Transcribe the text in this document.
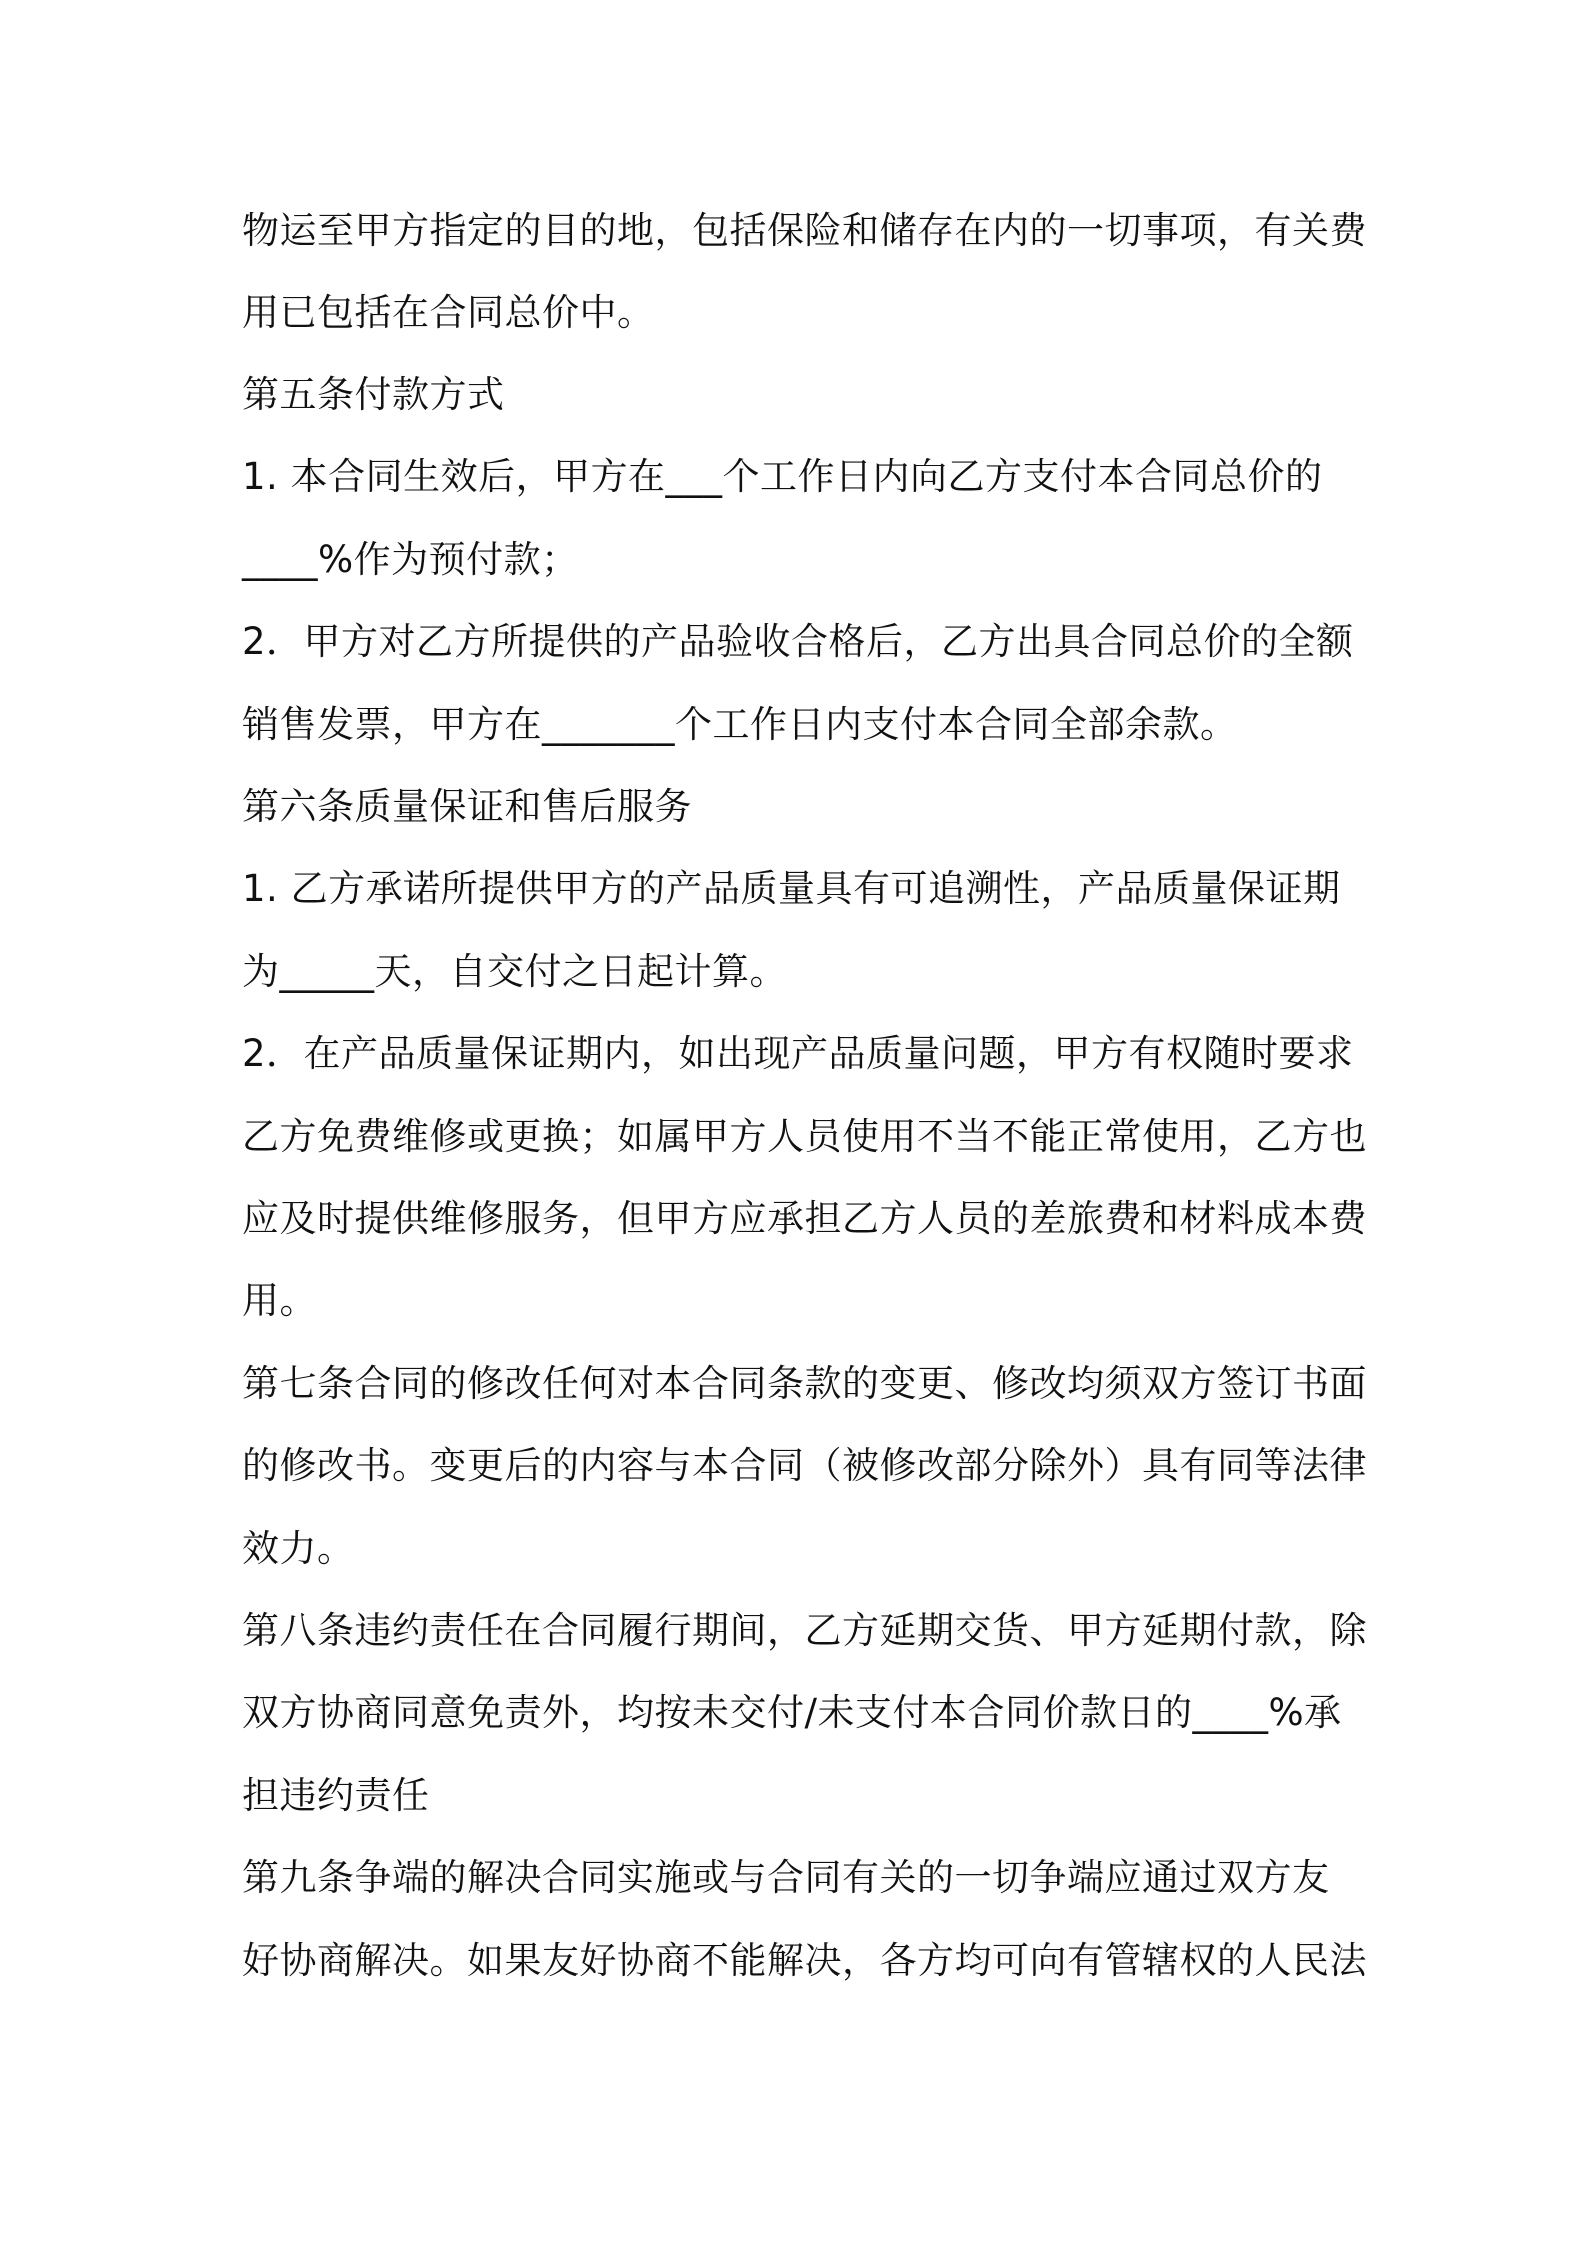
物运至甲方指定的目的地，包括保险和储存在内的一切事项，有关费
用已包括在合同总价中。
第五条付款方式
1. 本合同生效后，甲方在___个工作日内向乙方支付本合同总价的
____%作为预付款；
2．甲方对乙方所提供的产品验收合格后，乙方出具合同总价的全额
销售发票，甲方在_______个工作日内支付本合同全部余款。
第六条质量保证和售后服务
1. 乙方承诺所提供甲方的产品质量具有可追溯性，产品质量保证期
为_____天，自交付之日起计算。
2．在产品质量保证期内，如出现产品质量问题，甲方有权随时要求
乙方免费维修或更换；如属甲方人员使用不当不能正常使用，乙方也
应及时提供维修服务，但甲方应承担乙方人员的差旅费和材料成本费
用。
第七条合同的修改任何对本合同条款的变更、修改均须双方签订书面
的修改书。变更后的内容与本合同（被修改部分除外）具有同等法律
效力。
第八条违约责任在合同履行期间，乙方延期交货、甲方延期付款，除
双方协商同意免责外，均按未交付/未支付本合同价款日的____%承
担违约责任
第九条争端的解决合同实施或与合同有关的一切争端应通过双方友
好协商解决。如果友好协商不能解决，各方均可向有管辖权的人民法
